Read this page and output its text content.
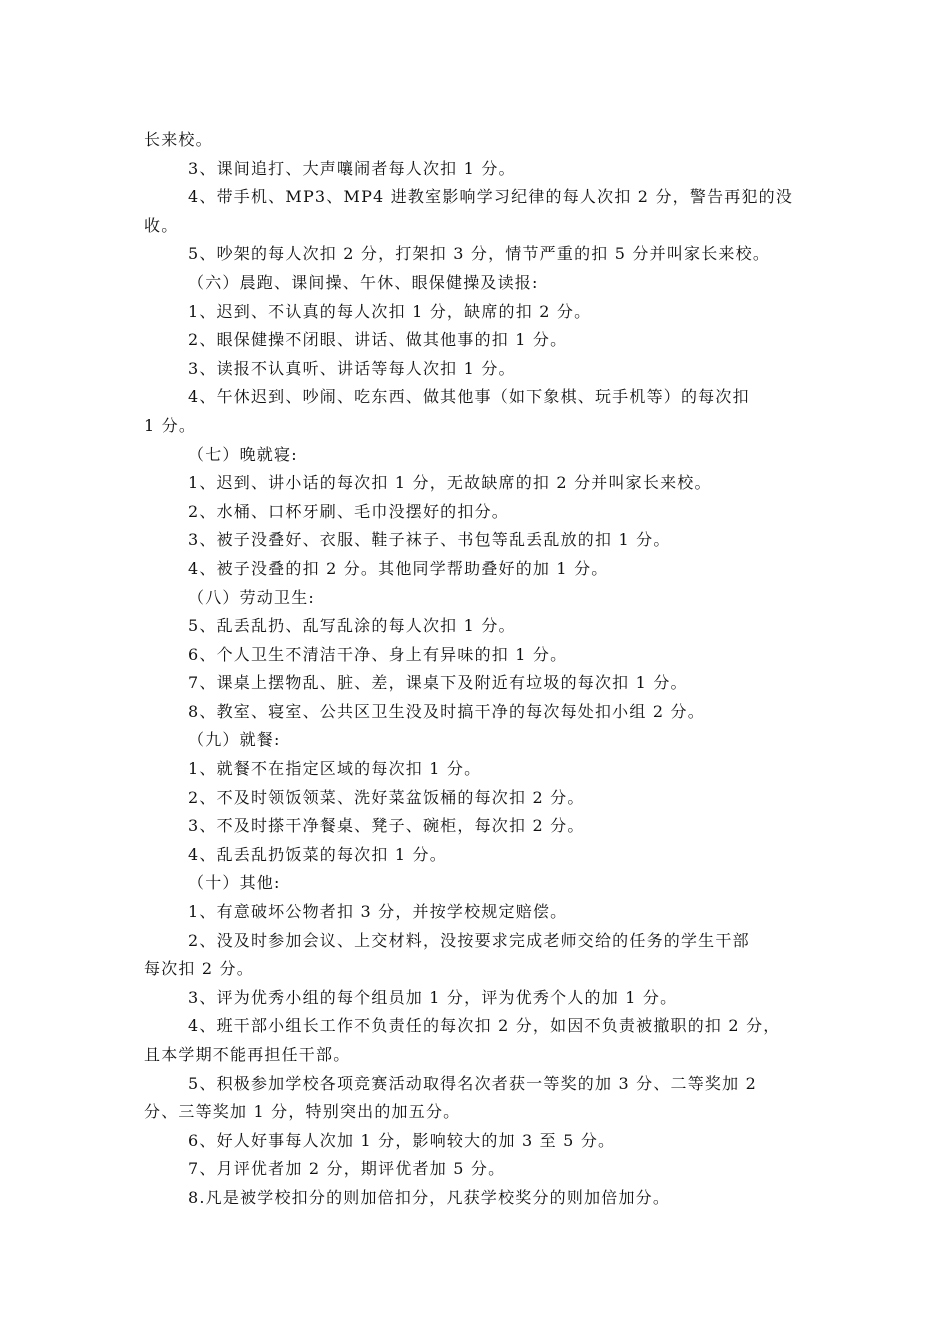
长来校。
3、课间追打、大声嚷闹者每人次扣 1 分。
4、带手机、MP3、MP4 进教室影响学习纪律的每人次扣 2 分，警告再犯的没
收。
5、吵架的每人次扣 2 分，打架扣 3 分，情节严重的扣 5 分并叫家长来校。
（六）晨跑、课间操、午休、眼保健操及读报:
1、迟到、不认真的每人次扣 1 分，缺席的扣 2 分。
2、眼保健操不闭眼、讲话、做其他事的扣 1 分。
3、读报不认真听、讲话等每人次扣 1 分。
4、午休迟到、吵闹、吃东西、做其他事（如下象棋、玩手机等）的每次扣
1 分。
（七）晚就寝:
1、迟到、讲小话的每次扣 1 分，无故缺席的扣 2 分并叫家长来校。
2、水桶、口杯牙刷、毛巾没摆好的扣分。
3、被子没叠好、衣服、鞋子袜子、书包等乱丢乱放的扣 1 分。
4、被子没叠的扣 2 分。其他同学帮助叠好的加 1 分。
（八）劳动卫生:
5、乱丢乱扔、乱写乱涂的每人次扣 1 分。
6、个人卫生不清洁干净、身上有异味的扣 1 分。
7、课桌上摆物乱、脏、差，课桌下及附近有垃圾的每次扣 1 分。
8、教室、寝室、公共区卫生没及时搞干净的每次每处扣小组 2 分。
（九）就餐:
1、就餐不在指定区域的每次扣 1 分。
2、不及时领饭领菜、洗好菜盆饭桶的每次扣 2 分。
3、不及时搽干净餐桌、凳子、碗柜，每次扣 2 分。
4、乱丢乱扔饭菜的每次扣 1 分。
（十）其他:
1、有意破坏公物者扣 3 分，并按学校规定赔偿。
2、没及时参加会议、上交材料，没按要求完成老师交给的任务的学生干部
每次扣 2 分。
3、评为优秀小组的每个组员加 1 分，评为优秀个人的加 1 分。
4、班干部小组长工作不负责任的每次扣 2 分，如因不负责被撤职的扣 2 分，
且本学期不能再担任干部。
5、积极参加学校各项竞赛活动取得名次者获一等奖的加 3 分、二等奖加 2
分、三等奖加 1 分，特别突出的加五分。
6、好人好事每人次加 1 分，影响较大的加 3 至 5 分。
7、月评优者加 2 分，期评优者加 5 分。
8.凡是被学校扣分的则加倍扣分，凡获学校奖分的则加倍加分。
